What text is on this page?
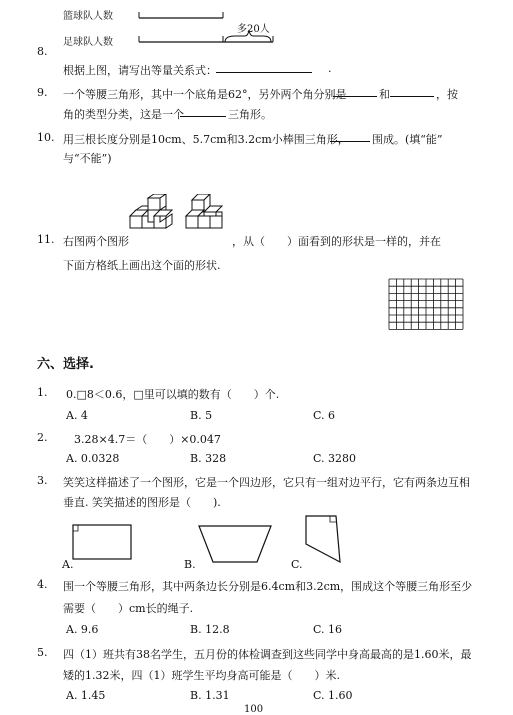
篮球队人数
多20人
足球队人数
8.
根据上图，请写出等量关系式：	.
9. 一个等腰三角形，其中一个底角是62°，另外两个角分别是	和	，按
角的类型分类，这是一个	三角形。
10. 用三根长度分别是10cm、5.7cm和3.2cm小棒围三角形， 围成。(填“能”
与“不能”)
11. 右图两个图形	，从（　　）面看到的形状是一样的，并在
下面方格纸上画出这个面的形状.
六、选择.
1. 0.□8＜0.6，□里可以填的数有（　　）个.
A. 4	B. 5	C. 6
2. 3.28×4.7＝（　　）×0.047
A. 0.0328	B. 328	C. 3280
3. 笑笑这样描述了一个图形，它是一个四边形，它只有一组对边平行，它有两条边互相
垂直. 笑笑描述的图形是（　　).
A.	B.	C.
4. 围一个等腰三角形，其中两条边长分别是6.4cm和3.2cm，围成这个等腰三角形至少
需要（　　）cm长的绳子.
A. 9.6	B. 12.8	C. 16
5. 四（1）班共有38名学生，五月份的体检调查到这些同学中身高最高的是1.60米，最
矮的1.32米，四（1）班学生平均身高可能是（　　）米.
A. 1.45	B. 1.31	C. 1.60
100
